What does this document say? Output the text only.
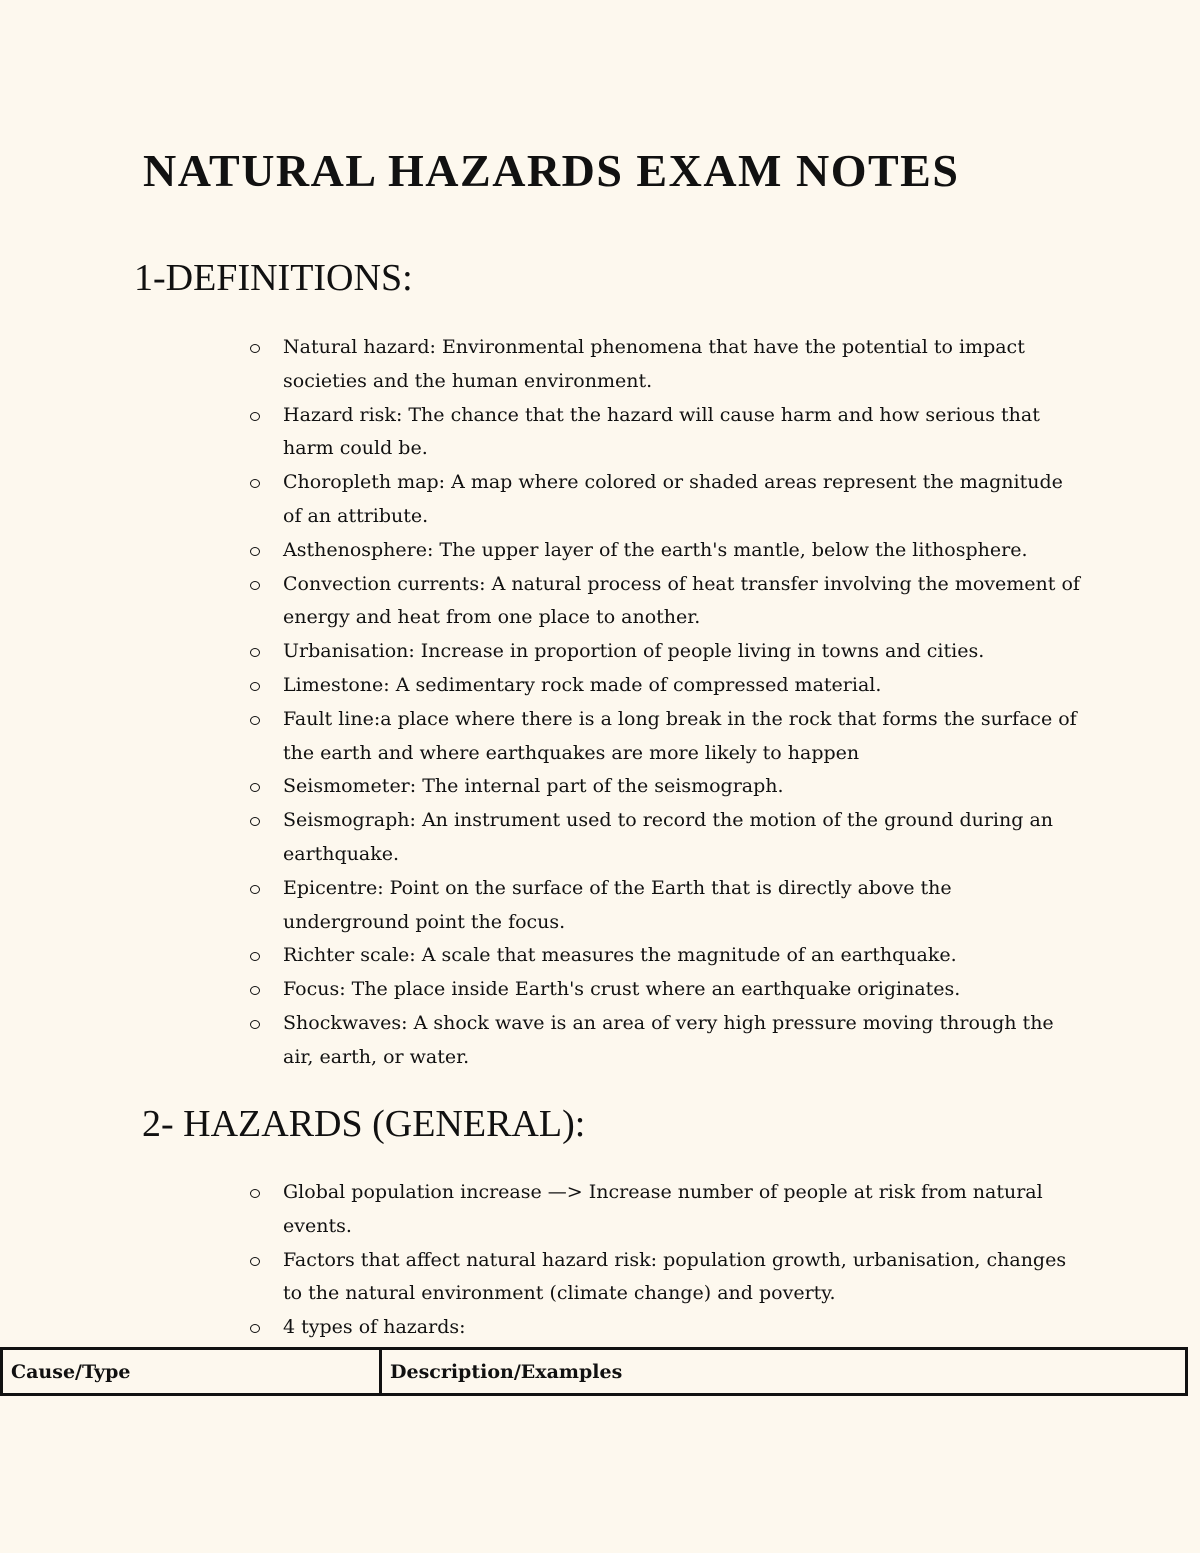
NATURAL HAZARDS EXAM NOTES
1-DEFINITIONS:
Natural hazard: Environmental phenomena that have the potential to impact societies and the human environment.
Hazard risk: The chance that the hazard will cause harm and how serious that harm could be.
Choropleth map: A map where colored or shaded areas represent the magnitude of an attribute.
Asthenosphere: The upper layer of the earth's mantle, below the lithosphere.
Convection currents: A natural process of heat transfer involving the movement of energy and heat from one place to another.
Urbanisation: Increase in proportion of people living in towns and cities.
Limestone: A sedimentary rock made of compressed material.
Fault line:a place where there is a long break in the rock that forms the surface of the earth and where earthquakes are more likely to happen
Seismometer: The internal part of the seismograph.
Seismograph: An instrument used to record the motion of the ground during an earthquake.
Epicentre: Point on the surface of the Earth that is directly above the underground point the focus.
Richter scale: A scale that measures the magnitude of an earthquake.
Focus: The place inside Earth's crust where an earthquake originates.
Shockwaves: A shock wave is an area of very high pressure moving through the air, earth, or water.
2- HAZARDS (GENERAL):
Global population increase —> Increase number of people at risk from natural events.
Factors that affect natural hazard risk: population growth, urbanisation, changes to the natural environment (climate change) and poverty.
4 types of hazards:
Cause/Type	Description/Examples
